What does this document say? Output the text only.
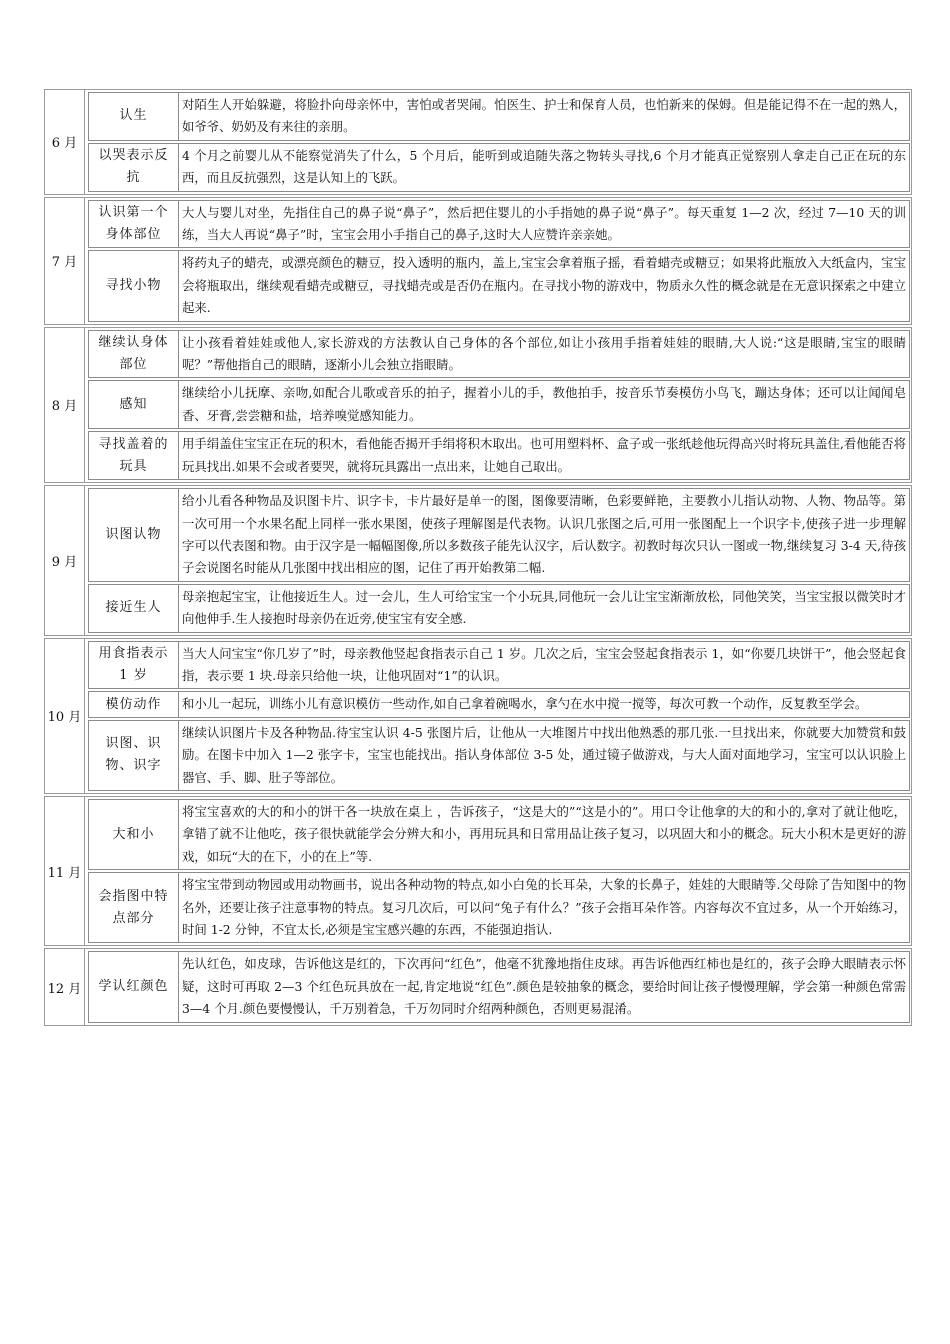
6 月
认生
对陌生人开始躲避，将脸扑向母亲怀中，害怕或者哭闹。怕医生、护士和保育人员，也怕新来的保姆。但是能记得不在一起的熟人，如爷爷、奶奶及有来往的亲朋。
以哭表示反抗
4 个月之前婴儿从不能察觉消失了什么，5 个月后，能听到或追随失落之物转头寻找,6 个月才能真正觉察别人拿走自己正在玩的东西，而且反抗强烈，这是认知上的飞跃。
7 月
认识第一个身体部位
大人与婴儿对坐，先指住自己的鼻子说“鼻子”，然后把住婴儿的小手指她的鼻子说“鼻子”。每天重复 1—2 次，经过 7—10 天的训练，当大人再说“鼻子”时，宝宝会用小手指自己的鼻子,这时大人应赞许亲亲她。
寻找小物
将药丸子的蜡壳，或漂亮颜色的糖豆，投入透明的瓶内，盖上,宝宝会拿着瓶子摇，看着蜡壳或糖豆；如果将此瓶放入大纸盒内，宝宝会将瓶取出，继续观看蜡壳或糖豆，寻找蜡壳或是否仍在瓶内。在寻找小物的游戏中，物质永久性的概念就是在无意识探索之中建立起来.
8 月
继续认身体部位
让小孩看着娃娃或他人,家长游戏的方法教认自己身体的各个部位,如让小孩用手指着娃娃的眼睛,大人说:“这是眼睛,宝宝的眼睛呢？”帮他指自己的眼睛，逐渐小儿会独立指眼睛。
感知
继续给小儿抚摩、亲吻,如配合儿歌或音乐的拍子，握着小儿的手，教他拍手，按音乐节奏模仿小鸟飞，蹦达身体；还可以让闻闻皂香、牙膏,尝尝糖和盐，培养嗅觉感知能力。
寻找盖着的玩具
用手绢盖住宝宝正在玩的积木，看他能否揭开手绢将积木取出。也可用塑料杯、盒子或一张纸趁他玩得高兴时将玩具盖住,看他能否将玩具找出.如果不会或者要哭，就将玩具露出一点出来，让她自己取出。
9 月
识图认物
给小儿看各种物品及识图卡片、识字卡，卡片最好是单一的图，图像要清晰，色彩要鲜艳，主要教小儿指认动物、人物、物品等。第一次可用一个水果名配上同样一张水果图，使孩子理解图是代表物。认识几张图之后,可用一张图配上一个识字卡,使孩子进一步理解字可以代表图和物。由于汉字是一幅幅图像,所以多数孩子能先认汉字，后认数字。初教时每次只认一图或一物,继续复习 3-4 天,待孩子会说图名时能从几张图中找出相应的图，记住了再开始教第二幅.
接近生人
母亲抱起宝宝，让他接近生人。过一会儿，生人可给宝宝一个小玩具,同他玩一会儿让宝宝渐渐放松，同他笑笑，当宝宝报以微笑时才向他伸手.生人接抱时母亲仍在近旁,使宝宝有安全感.
10 月
用食指表示 1 岁
当大人问宝宝“你几岁了”时，母亲教他竖起食指表示自己 1 岁。几次之后，宝宝会竖起食指表示 1，如“你要几块饼干”，他会竖起食指，表示要 1 块.母亲只给他一块，让他巩固对“1”的认识。
模仿动作	和小儿一起玩，训练小儿有意识模仿一些动作,如自己拿着碗喝水，拿勺在水中搅一搅等，每次可教一个动作，反复教至学会。
识图、识物、识字
继续认识图片卡及各种物品.待宝宝认识 4-5 张图片后，让他从一大堆图片中找出他熟悉的那几张.一旦找出来，你就要大加赞赏和鼓励。在图卡中加入 1—2 张字卡，宝宝也能找出。指认身体部位 3-5 处，通过镜子做游戏，与大人面对面地学习，宝宝可以认识脸上器官、手、脚、肚子等部位。
11 月
大和小
将宝宝喜欢的大的和小的饼干各一块放在桌上 ，告诉孩子，“这是大的”“这是小的”。用口令让他拿的大的和小的,拿对了就让他吃，拿错了就不让他吃，孩子很快就能学会分辨大和小，再用玩具和日常用品让孩子复习，以巩固大和小的概念。玩大小积木是更好的游戏，如玩“大的在下，小的在上”等.
会指图中特点部分
将宝宝带到动物园或用动物画书，说出各种动物的特点,如小白兔的长耳朵，大象的长鼻子，娃娃的大眼睛等.父母除了告知图中的物名外，还要让孩子注意事物的特点。复习几次后，可以问“兔子有什么？”孩子会指耳朵作答。内容每次不宜过多，从一个开始练习，时间 1-2 分钟，不宜太长,必须是宝宝感兴趣的东西，不能强迫指认.
12 月	学认红颜色
先认红色，如皮球，告诉他这是红的，下次再问“红色”，他毫不犹豫地指住皮球。再告诉他西红柿也是红的，孩子会睁大眼睛表示怀疑，这时可再取 2—3 个红色玩具放在一起,肯定地说“红色”.颜色是较抽象的概念，要给时间让孩子慢慢理解，学会第一种颜色常需 3—4 个月.颜色要慢慢认，千万别着急，千万勿同时介绍两种颜色，否则更易混淆。
